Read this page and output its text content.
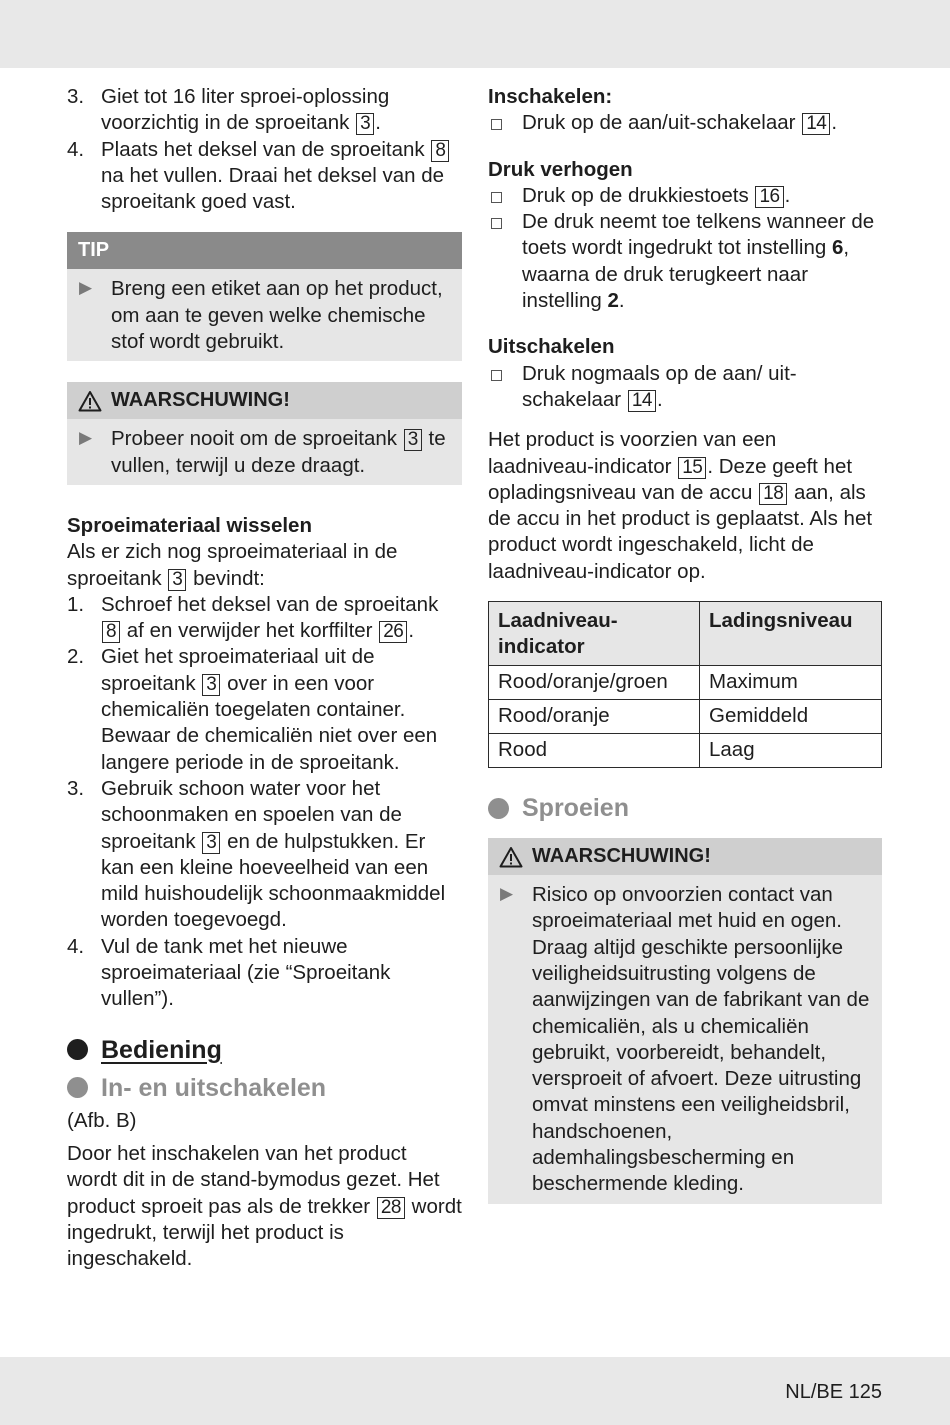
3. Giet tot 16 liter sproei-oplossing voorzichtig in de sproeitank 3 .
4. Plaats het deksel van de sproeitank 8 na het vullen. Draai het deksel van de sproeitank goed vast.
TIP
▶ Breng een etiket aan op het product, om aan te geven welke chemische stof wordt gebruikt.
WAARSCHUWING!
▶ Probeer nooit om de sproeitank 3 te vullen, terwijl u deze draagt.
Sproeimateriaal wisselen
Als er zich nog sproeimateriaal in de sproeitank 3 bevindt:
1. Schroef het deksel van de sproeitank 8 af en verwijder het korffilter 26 .
2. Giet het sproeimateriaal uit de sproeitank 3 over in een voor chemicaliën toegelaten container. Bewaar de chemicaliën niet over een langere periode in de sproeitank.
3. Gebruik schoon water voor het schoonmaken en spoelen van de sproeitank 3 en de hulpstukken. Er kan een kleine hoeveelheid van een mild huishoudelijk schoonmaakmiddel worden toegevoegd.
4. Vul de tank met het nieuwe sproeimateriaal (zie “Sproeitank vullen”).
Bediening
In- en uitschakelen
(Afb. B)
Door het inschakelen van het product wordt dit in de stand-bymodus gezet. Het product sproeit pas als de trekker 28 wordt ingedrukt, terwijl het product is ingeschakeld.
Inschakelen:
Druk op de aan/uit-schakelaar 14 .
Druk verhogen
Druk op de drukkiestoets 16 .
De druk neemt toe telkens wanneer de toets wordt ingedrukt tot instelling 6, waarna de druk terugkeert naar instelling 2.
Uitschakelen
Druk nogmaals op de aan/ uit-schakelaar 14 .
Het product is voorzien van een laadniveau-indicator 15 . Deze geeft het opladingsniveau van de accu 18 aan, als de accu in het product is geplaatst. Als het product wordt ingeschakeld, licht de laadniveau-indicator op.
Laadniveau-indicator	Ladingsniveau
Rood/oranje/groen	Maximum
Rood/oranje	Gemiddeld
Rood	Laag
Sproeien
WAARSCHUWING!
▶ Risico op onvoorzien contact van sproeimateriaal met huid en ogen. Draag altijd geschikte persoonlijke veiligheidsuitrusting volgens de aanwijzingen van de fabrikant van de chemicaliën, als u chemicaliën gebruikt, voorbereidt, behandelt, versproeit of afvoert. Deze uitrusting omvat minstens een veiligheidsbril, handschoenen, ademhalingsbescherming en beschermende kleding.
NL/BE 125
